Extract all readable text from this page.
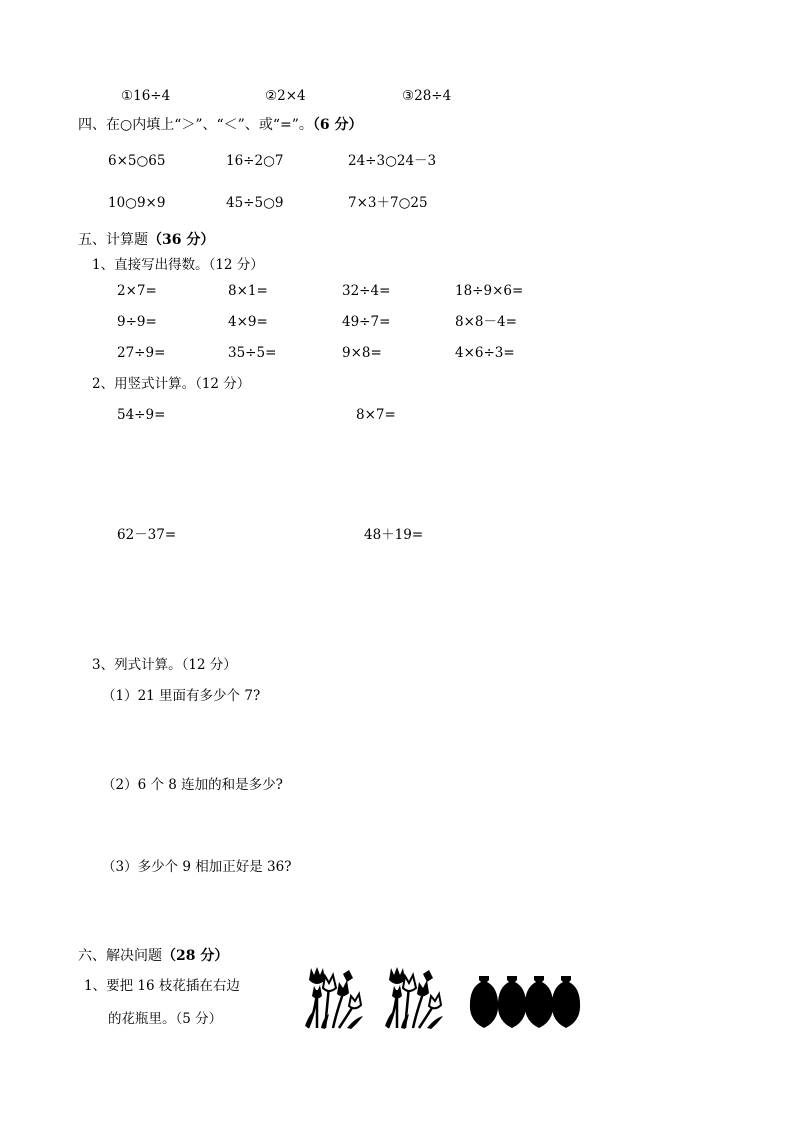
①16÷4	②2×4	③28÷4
四、在○内填上“＞”、“＜”、或“=”。（6 分）
6×5○65	16÷2○7	24÷3○24－3
10○9×9	45÷5○9	7×3＋7○25
五、计算题（36 分）
1、直接写出得数。（12 分）
2×7=	8×1=	32÷4=	18÷9×6=
9÷9=	4×9=	49÷7=	8×8－4=
27÷9=	35÷5=	9×8=	4×6÷3=
2、用竖式计算。（12 分）
54÷9=	8×7=
62－37=	48＋19=
3、列式计算。（12 分）
（1）21 里面有多少个 7?
（2）6 个 8 连加的和是多少?
（3）多少个 9 相加正好是 36?
六、解决问题（28 分）
1、要把 16 枝花插在右边
的花瓶里。（5 分）
